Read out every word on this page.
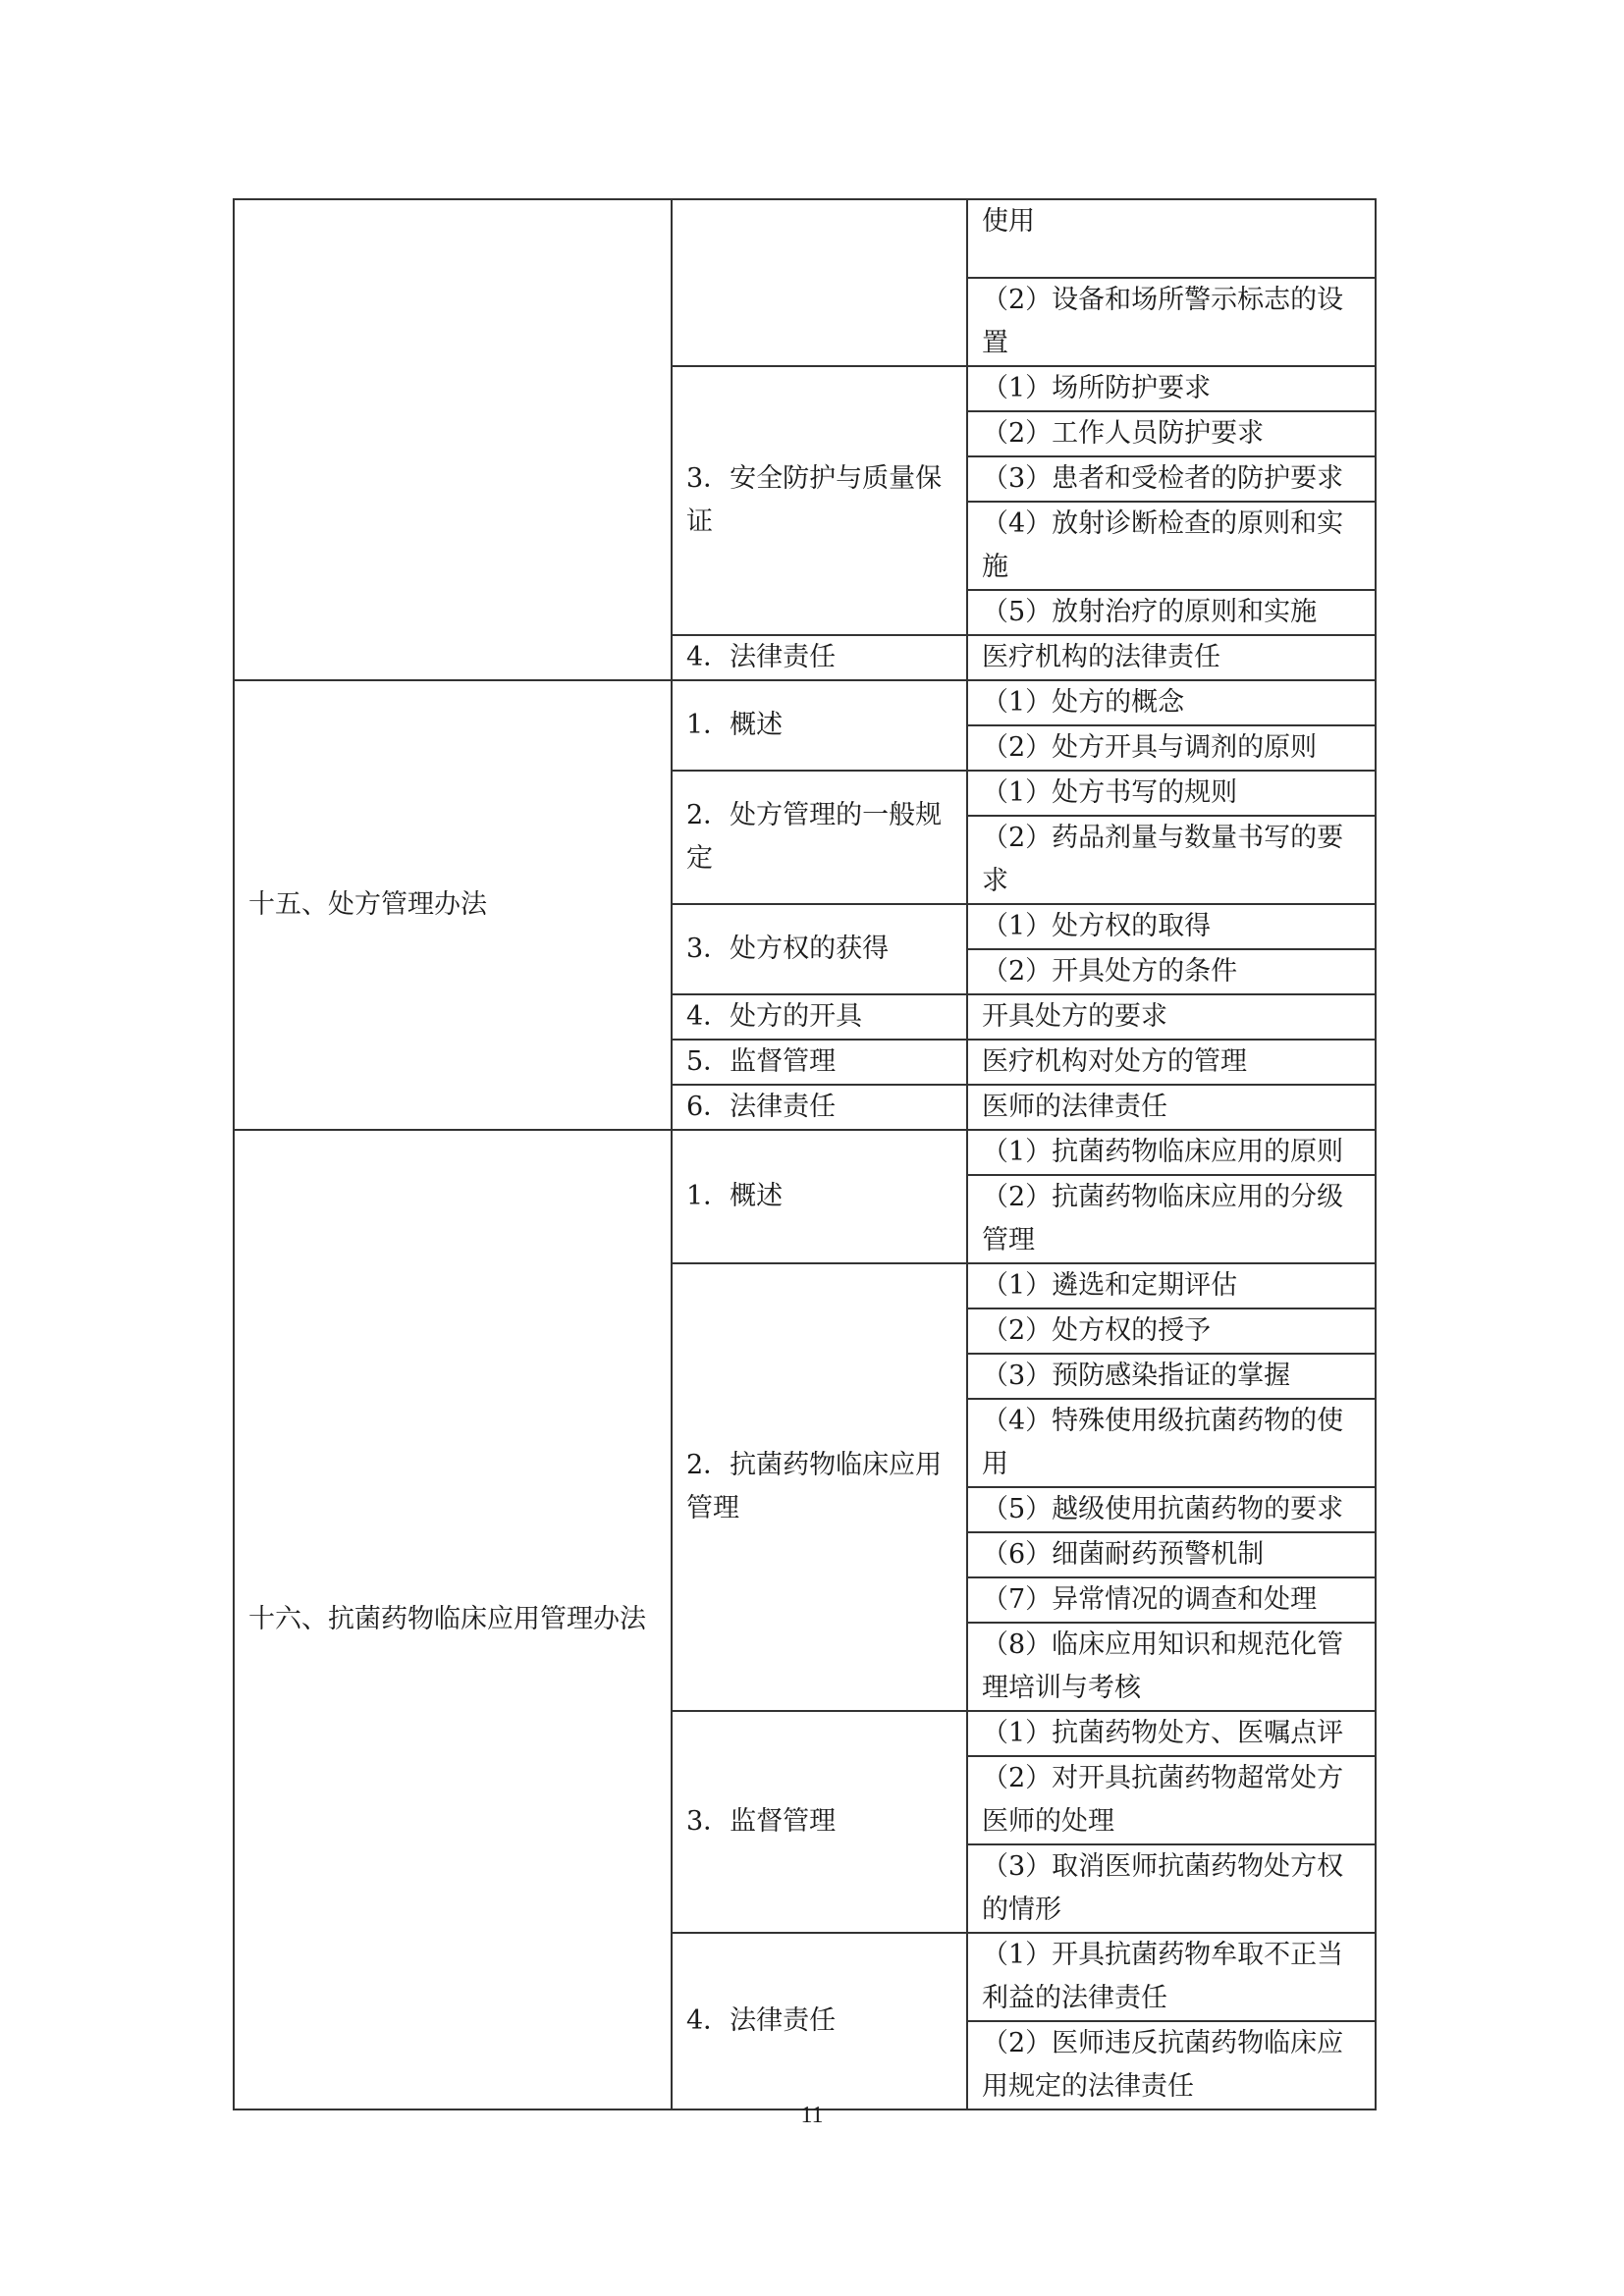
		使用
		（2）设备和场所警示标志的设置
	3．安全防护与质量保证	（1）场所防护要求
		（2）工作人员防护要求
		（3）患者和受检者的防护要求
		（4）放射诊断检查的原则和实施
		（5）放射治疗的原则和实施
	4．法律责任	医疗机构的法律责任
十五、处方管理办法	1．概述	（1）处方的概念
		（2）处方开具与调剂的原则
	2．处方管理的一般规定	（1）处方书写的规则
		（2）药品剂量与数量书写的要求
	3．处方权的获得	（1）处方权的取得
		（2）开具处方的条件
	4．处方的开具	开具处方的要求
	5．监督管理	医疗机构对处方的管理
	6．法律责任	医师的法律责任
十六、抗菌药物临床应用管理办法	1．概述	（1）抗菌药物临床应用的原则
		（2）抗菌药物临床应用的分级管理
	2．抗菌药物临床应用管理	（1）遴选和定期评估
		（2）处方权的授予
		（3）预防感染指证的掌握
		（4）特殊使用级抗菌药物的使用
		（5）越级使用抗菌药物的要求
		（6）细菌耐药预警机制
		（7）异常情况的调查和处理
		（8）临床应用知识和规范化管理培训与考核
	3．监督管理	（1）抗菌药物处方、医嘱点评
		（2）对开具抗菌药物超常处方医师的处理
		（3）取消医师抗菌药物处方权的情形
	4．法律责任	（1）开具抗菌药物牟取不正当利益的法律责任
		（2）医师违反抗菌药物临床应用规定的法律责任
11
